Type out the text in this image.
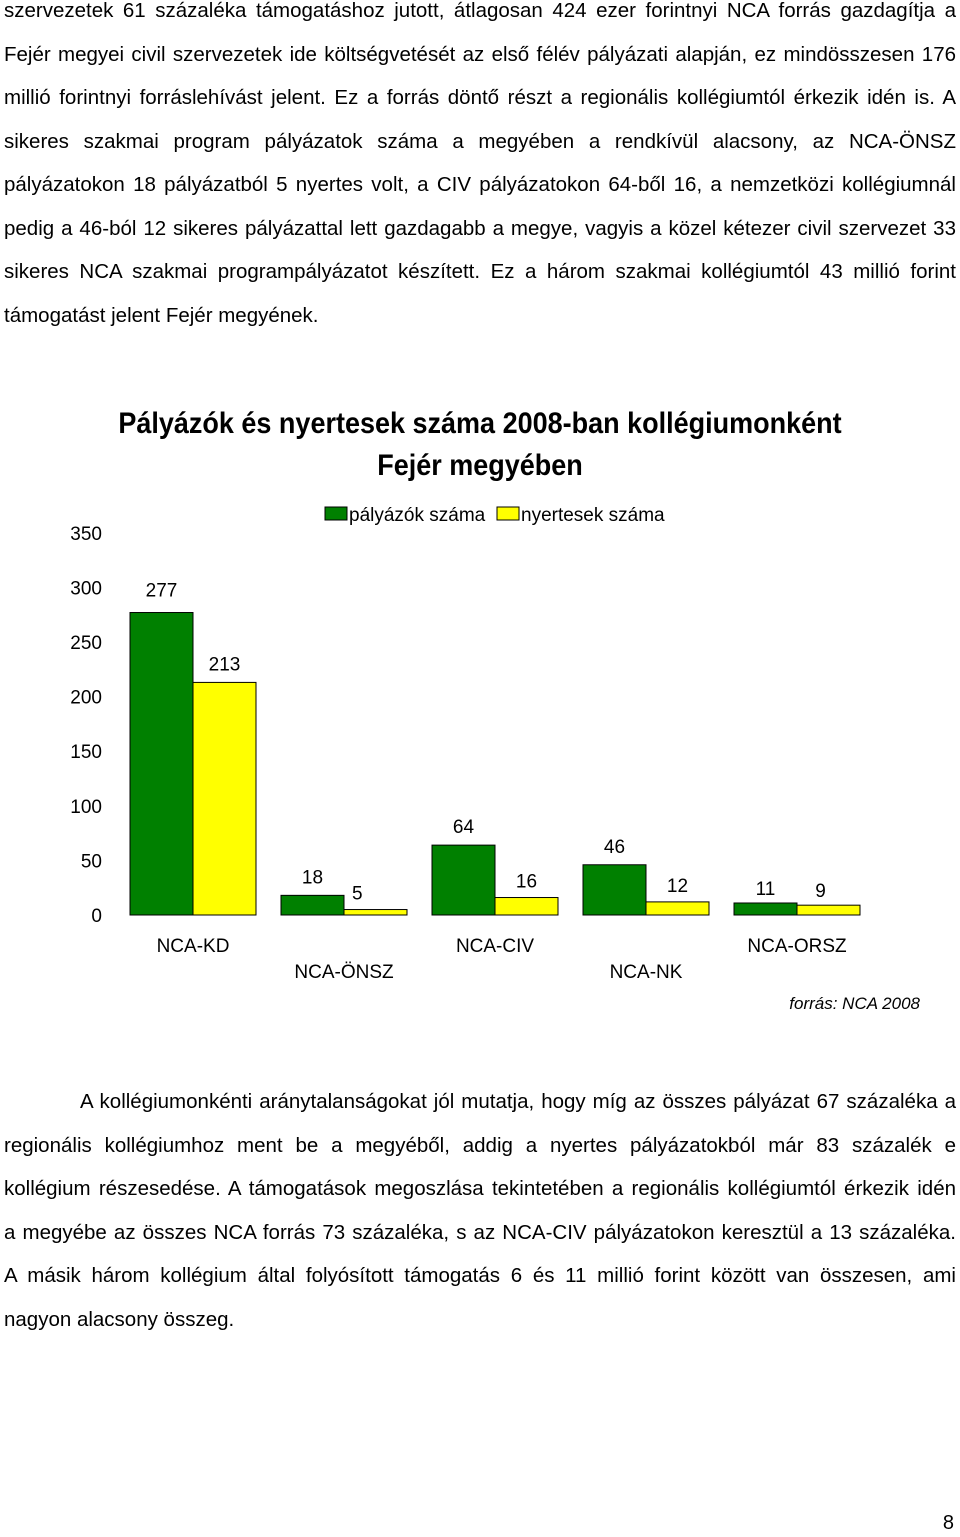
szervezetek 61 százaléka támogatáshoz jutott, átlagosan 424 ezer forintnyi NCA forrás gazdagítja a
Fejér megyei civil szervezetek ide költségvetését az első félév pályázati alapján, ez mindösszesen 176
millió forintnyi forráslehívást jelent. Ez a forrás döntő részt a regionális kollégiumtól érkezik idén is. A
sikeres szakmai program pályázatok száma a megyében a rendkívül alacsony, az NCA-ÖNSZ
pályázatokon 18 pályázatból 5 nyertes volt, a CIV pályázatokon 64-ből 16, a nemzetközi kollégiumnál
pedig a 46-ból 12 sikeres pályázattal lett gazdagabb a megye, vagyis a közel kétezer civil szervezet 33
sikeres NCA szakmai programpályázatot készített. Ez a három szakmai kollégiumtól 43 millió forint
támogatást jelent Fejér megyének.
Pályázók és nyertesek száma 2008-ban kollégiumonként Fejér megyében
0
50
100
150
200
250
300
350
pályázók száma nyertesek száma
277
213
NCA-KD
18
5
NCA-ÖNSZ
64
16
NCA-CIV
46
12
NCA-NK
11 9
NCA-ORSZ
forrás: NCA 2008
A kollégiumonkénti aránytalanságokat jól mutatja, hogy míg az összes pályázat 67 százaléka a
regionális kollégiumhoz ment be a megyéből, addig a nyertes pályázatokból már 83 százalék e
kollégium részesedése. A támogatások megoszlása tekintetében a regionális kollégiumtól érkezik idén
a megyébe az összes NCA forrás 73 százaléka, s az NCA-CIV pályázatokon keresztül a 13 százaléka.
A másik három kollégium által folyósított támogatás 6 és 11 millió forint között van összesen, ami
nagyon alacsony összeg.
8
